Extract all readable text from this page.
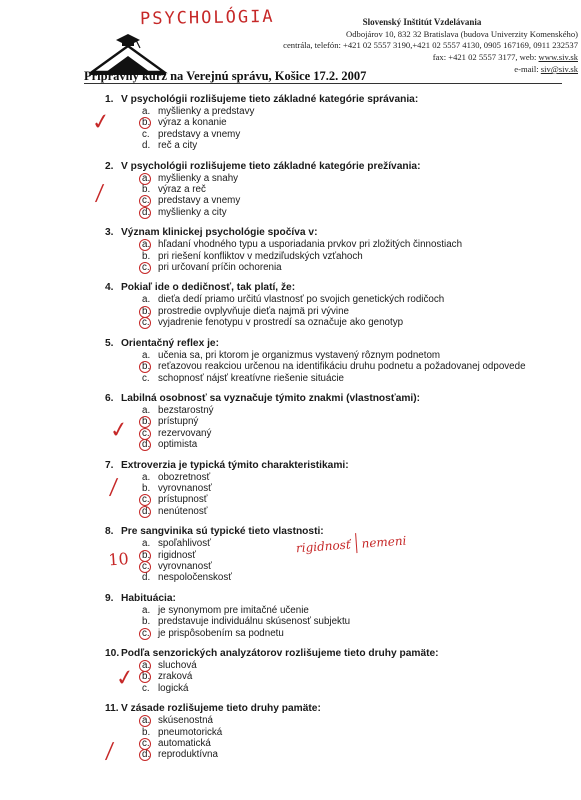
PSYCHOLÓGIA	Slovenský Inštitút Vzdelávania
Odbojárov 10, 832 32 Bratislava (budova Univerzity Komenského)
centrála, telefón: +421 02 5557 3190,+421 02 5557 4130, 0905 167169, 0911 232537
fax: +421 02 5557 3177, web: www.siv.sk
e-mail: siv@siv.sk
Prípravný kurz na Verejnú správu, Košice 17.2. 2007
1. V psychológii rozlišujeme tieto základné kategórie správania:
a. myšlienky a predstavy
b. výraz a konanie
c. predstavy a vnemy
d. reč a city
2. V psychológii rozlišujeme tieto základné kategórie prežívania:
a. myšlienky a snahy
b. výraz a reč
c. predstavy a vnemy
d. myšlienky a city
3. Význam klinickej psychológie spočíva v:
a. hľadaní vhodného typu a usporiadania prvkov pri zložitých činnostiach
b. pri riešení konfliktov v medziľudských vzťahoch
c. pri určovaní príčin ochorenia
4. Pokiaľ ide o dedičnosť, tak platí, že:
a. dieťa dedí priamo určitú vlastnosť po svojich genetických rodičoch
b. prostredie ovplyvňuje dieťa najmä pri vývine
c. vyjadrenie fenotypu v prostredí sa označuje ako genotyp
5. Orientačný reflex je:
a. učenia sa, pri ktorom je organizmus vystavený rôznym podnetom
b. reťazovou reakciou určenou na identifikáciu druhu podnetu a požadovanej odpovede
c. schopnosť nájsť kreatívne riešenie situácie
6. Labilná osobnosť sa vyznačuje týmito znakmi (vlastnosťami):
a. bezstarostný
b. prístupný
c. rezervovaný
d. optimista
7. Extroverzia je typická týmito charakteristikami:
a. obozretnosť
b. vyrovnanosť
c. prístupnosť
d. nenútenosť
8. Pre sangvinika sú typické tieto vlastnosti:
a. spoľahlivosť
b. rigidnosť
c. vyrovnanosť
d. nespoločenskosť
9. Habituácia:
a. je synonymom pre imitačné učenie
b. predstavuje individuálnu skúsenosť subjektu
c. je prispôsobením sa podnetu
10. Podľa senzorických analyzátorov rozlišujeme tieto druhy pamäte:
a. sluchová
b. zraková
c. logická
11. V zásade rozlišujeme tieto druhy pamäte:
a. skúsenostná
b. pneumotorická
c. automatická
d. reproduktívna
✓
⁄
✓
⁄
✓
⁄
10  rigidnosť nemeni
